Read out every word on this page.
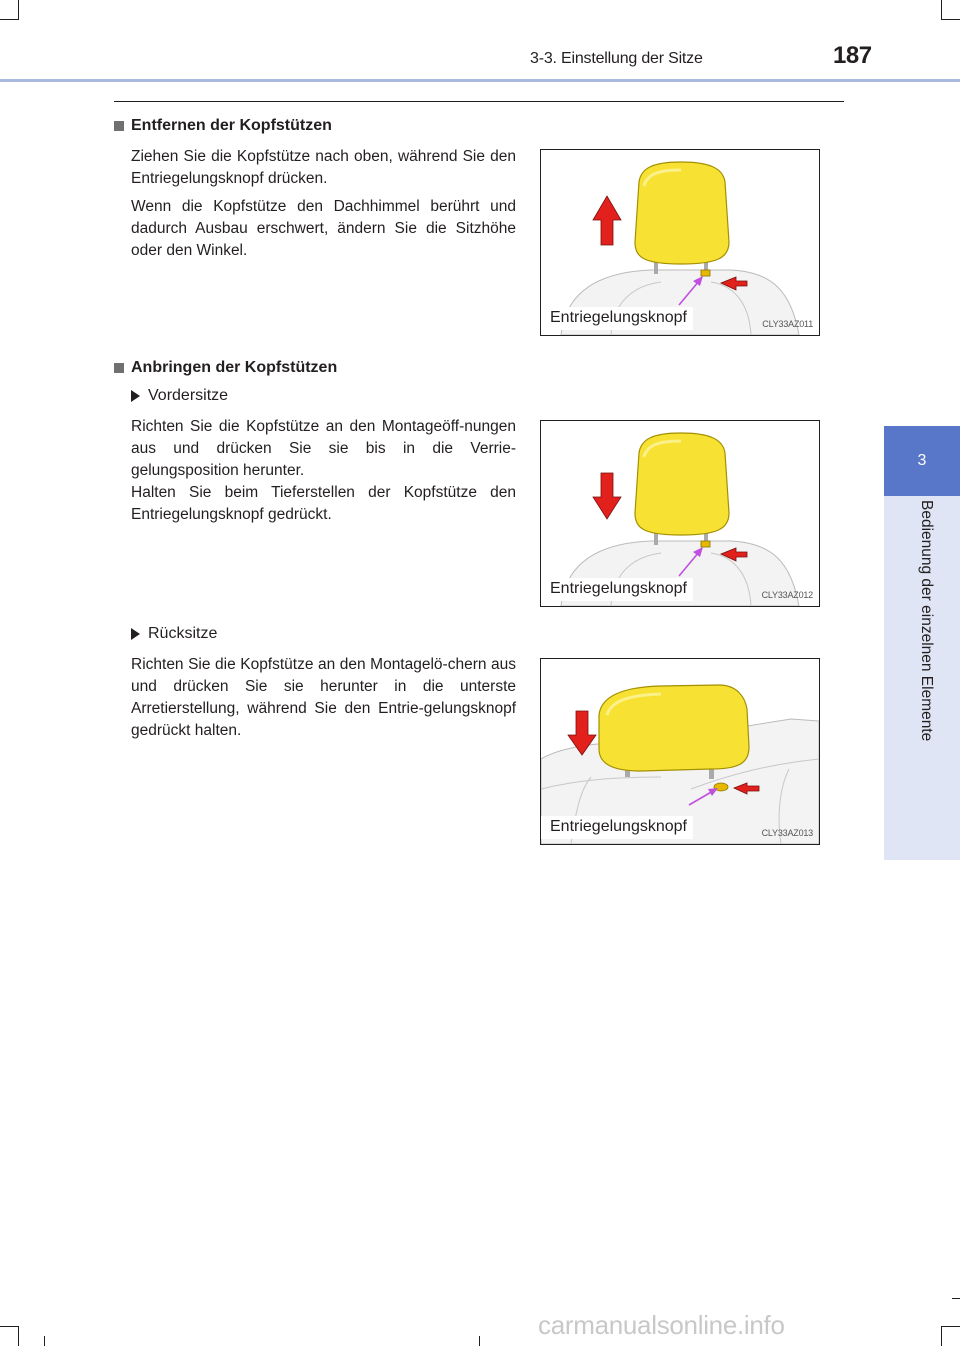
3-3. Einstellung der Sitze	187
3
Bedienung der einzelnen Elemente
Entfernen der Kopfstützen
Ziehen Sie die Kopfstütze nach oben, während Sie den Entriegelungsknopf drücken.
Wenn die Kopfstütze den Dachhimmel berührt und dadurch Ausbau erschwert, ändern Sie die Sitzhöhe oder den Winkel.
Entriegelungsknopf	CLY33AZ011
Anbringen der Kopfstützen
Vordersitze
Richten Sie die Kopfstütze an den Montageöff-nungen aus und drücken Sie sie bis in die Verrie-gelungsposition herunter.
Halten Sie beim Tieferstellen der Kopfstütze den Entriegelungsknopf gedrückt.
Entriegelungsknopf	CLY33AZ012
Rücksitze
Richten Sie die Kopfstütze an den Montagelö-chern aus und drücken Sie sie herunter in die unterste Arretierstellung, während Sie den Entrie-gelungsknopf gedrückt halten.
Entriegelungsknopf	CLY33AZ013
carmanualsonline.info
